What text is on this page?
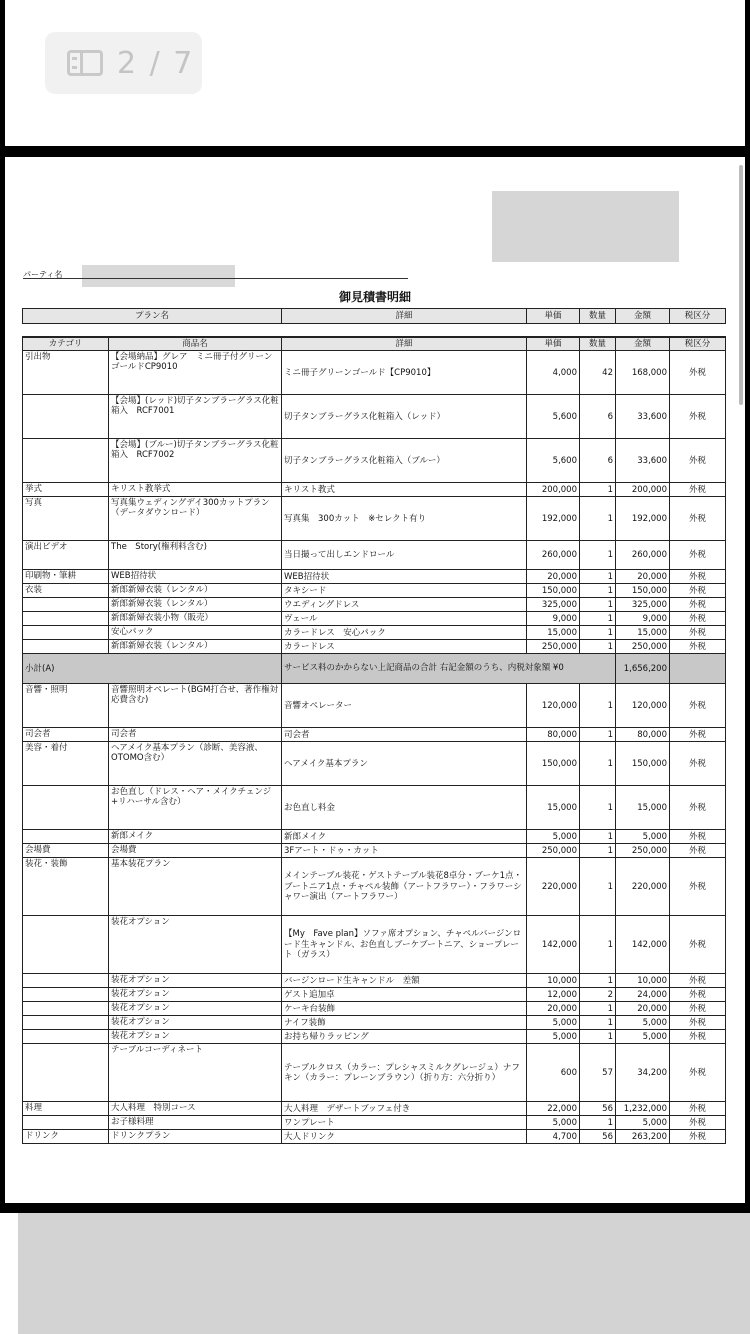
2 / 7
パーティ名
御見積書明細
プラン名	詳細	単価	数量	金額	税区分
カテゴリ	商品名	詳細	単価	数量	金額	税区分
引出物	【会場納品】グレア　ミニ冊子付グリーンゴールドCP9010	ミニ冊子グリーンゴールド【CP9010】	4,000	42	168,000	外税
	【会場】(レッド)切子タンブラーグラス化粧箱入　RCF7001	切子タンブラーグラス化粧箱入（レッド）	5,600	6	33,600	外税
	【会場】(ブルー)切子タンブラーグラス化粧箱入　RCF7002	切子タンブラーグラス化粧箱入（ブルー）	5,600	6	33,600	外税
挙式	キリスト教挙式	キリスト教式	200,000	1	200,000	外税
写真	写真集ウェディングデイ300カットプラン（データダウンロード）	写真集　300カット　※セレクト有り	192,000	1	192,000	外税
演出ビデオ	The　Story(権利料含む)	当日撮って出しエンドロール	260,000	1	260,000	外税
印刷物・筆耕	WEB招待状	WEB招待状	20,000	1	20,000	外税
衣装	新郎新婦衣装（レンタル）	タキシード	150,000	1	150,000	外税
	新郎新婦衣装（レンタル）	ウエディングドレス	325,000	1	325,000	外税
	新郎新婦衣装小物（販売）	ヴェール	9,000	1	9,000	外税
	安心パック	カラードレス　安心パック	15,000	1	15,000	外税
	新郎新婦衣装（レンタル）	カラードレス	250,000	1	250,000	外税
小計(A)		サービス料のかからない上記商品の合計 右記金額のうち、内税対象額 ¥0			1,656,200	
音響・照明	音響照明オペレート(BGM打合せ、著作権対応費含む)	音響オペレーター	120,000	1	120,000	外税
司会者	司会者	司会者	80,000	1	80,000	外税
美容・着付	ヘアメイク基本プラン（診断、美容液、OTOMO含む）	ヘアメイク基本プラン	150,000	1	150,000	外税
	お色直し（ドレス・ヘア・メイクチェンジ+リハーサル含む）	お色直し料金	15,000	1	15,000	外税
	新郎メイク	新郎メイク	5,000	1	5,000	外税
会場費	会場費	3Fアート・ドゥ・カット	250,000	1	250,000	外税
装花・装飾	基本装花プラン	メインテーブル装花・ゲストテーブル装花8卓分・ブーケ1点・ブートニア1点・チャペル装飾（アートフラワー）・フラワーシャワー演出（アートフラワー）	220,000	1	220,000	外税
	装花オプション	【My　Fave plan】ソファ席オプション、チャペルバージンロード生キャンドル、お色直しブーケブートニア、ショープレート（ガラス）	142,000	1	142,000	外税
	装花オプション	バージンロード生キャンドル　差額	10,000	1	10,000	外税
	装花オプション	ゲスト追加卓	12,000	2	24,000	外税
	装花オプション	ケーキ台装飾	20,000	1	20,000	外税
	装花オプション	ナイフ装飾	5,000	1	5,000	外税
	装花オプション	お持ち帰りラッピング	5,000	1	5,000	外税
	テーブルコーディネート	テーブルクロス（カラー：プレシャスミルクグレージュ）ナフキン（カラー：プレーンブラウン）（折り方：六分折り）	600	57	34,200	外税
料理	大人料理　特別コース	大人料理　デザートブッフェ付き	22,000	56	1,232,000	外税
	お子様料理	ワンプレート	5,000	1	5,000	外税
ドリンク	ドリンクプラン	大人ドリンク	4,700	56	263,200	外税
